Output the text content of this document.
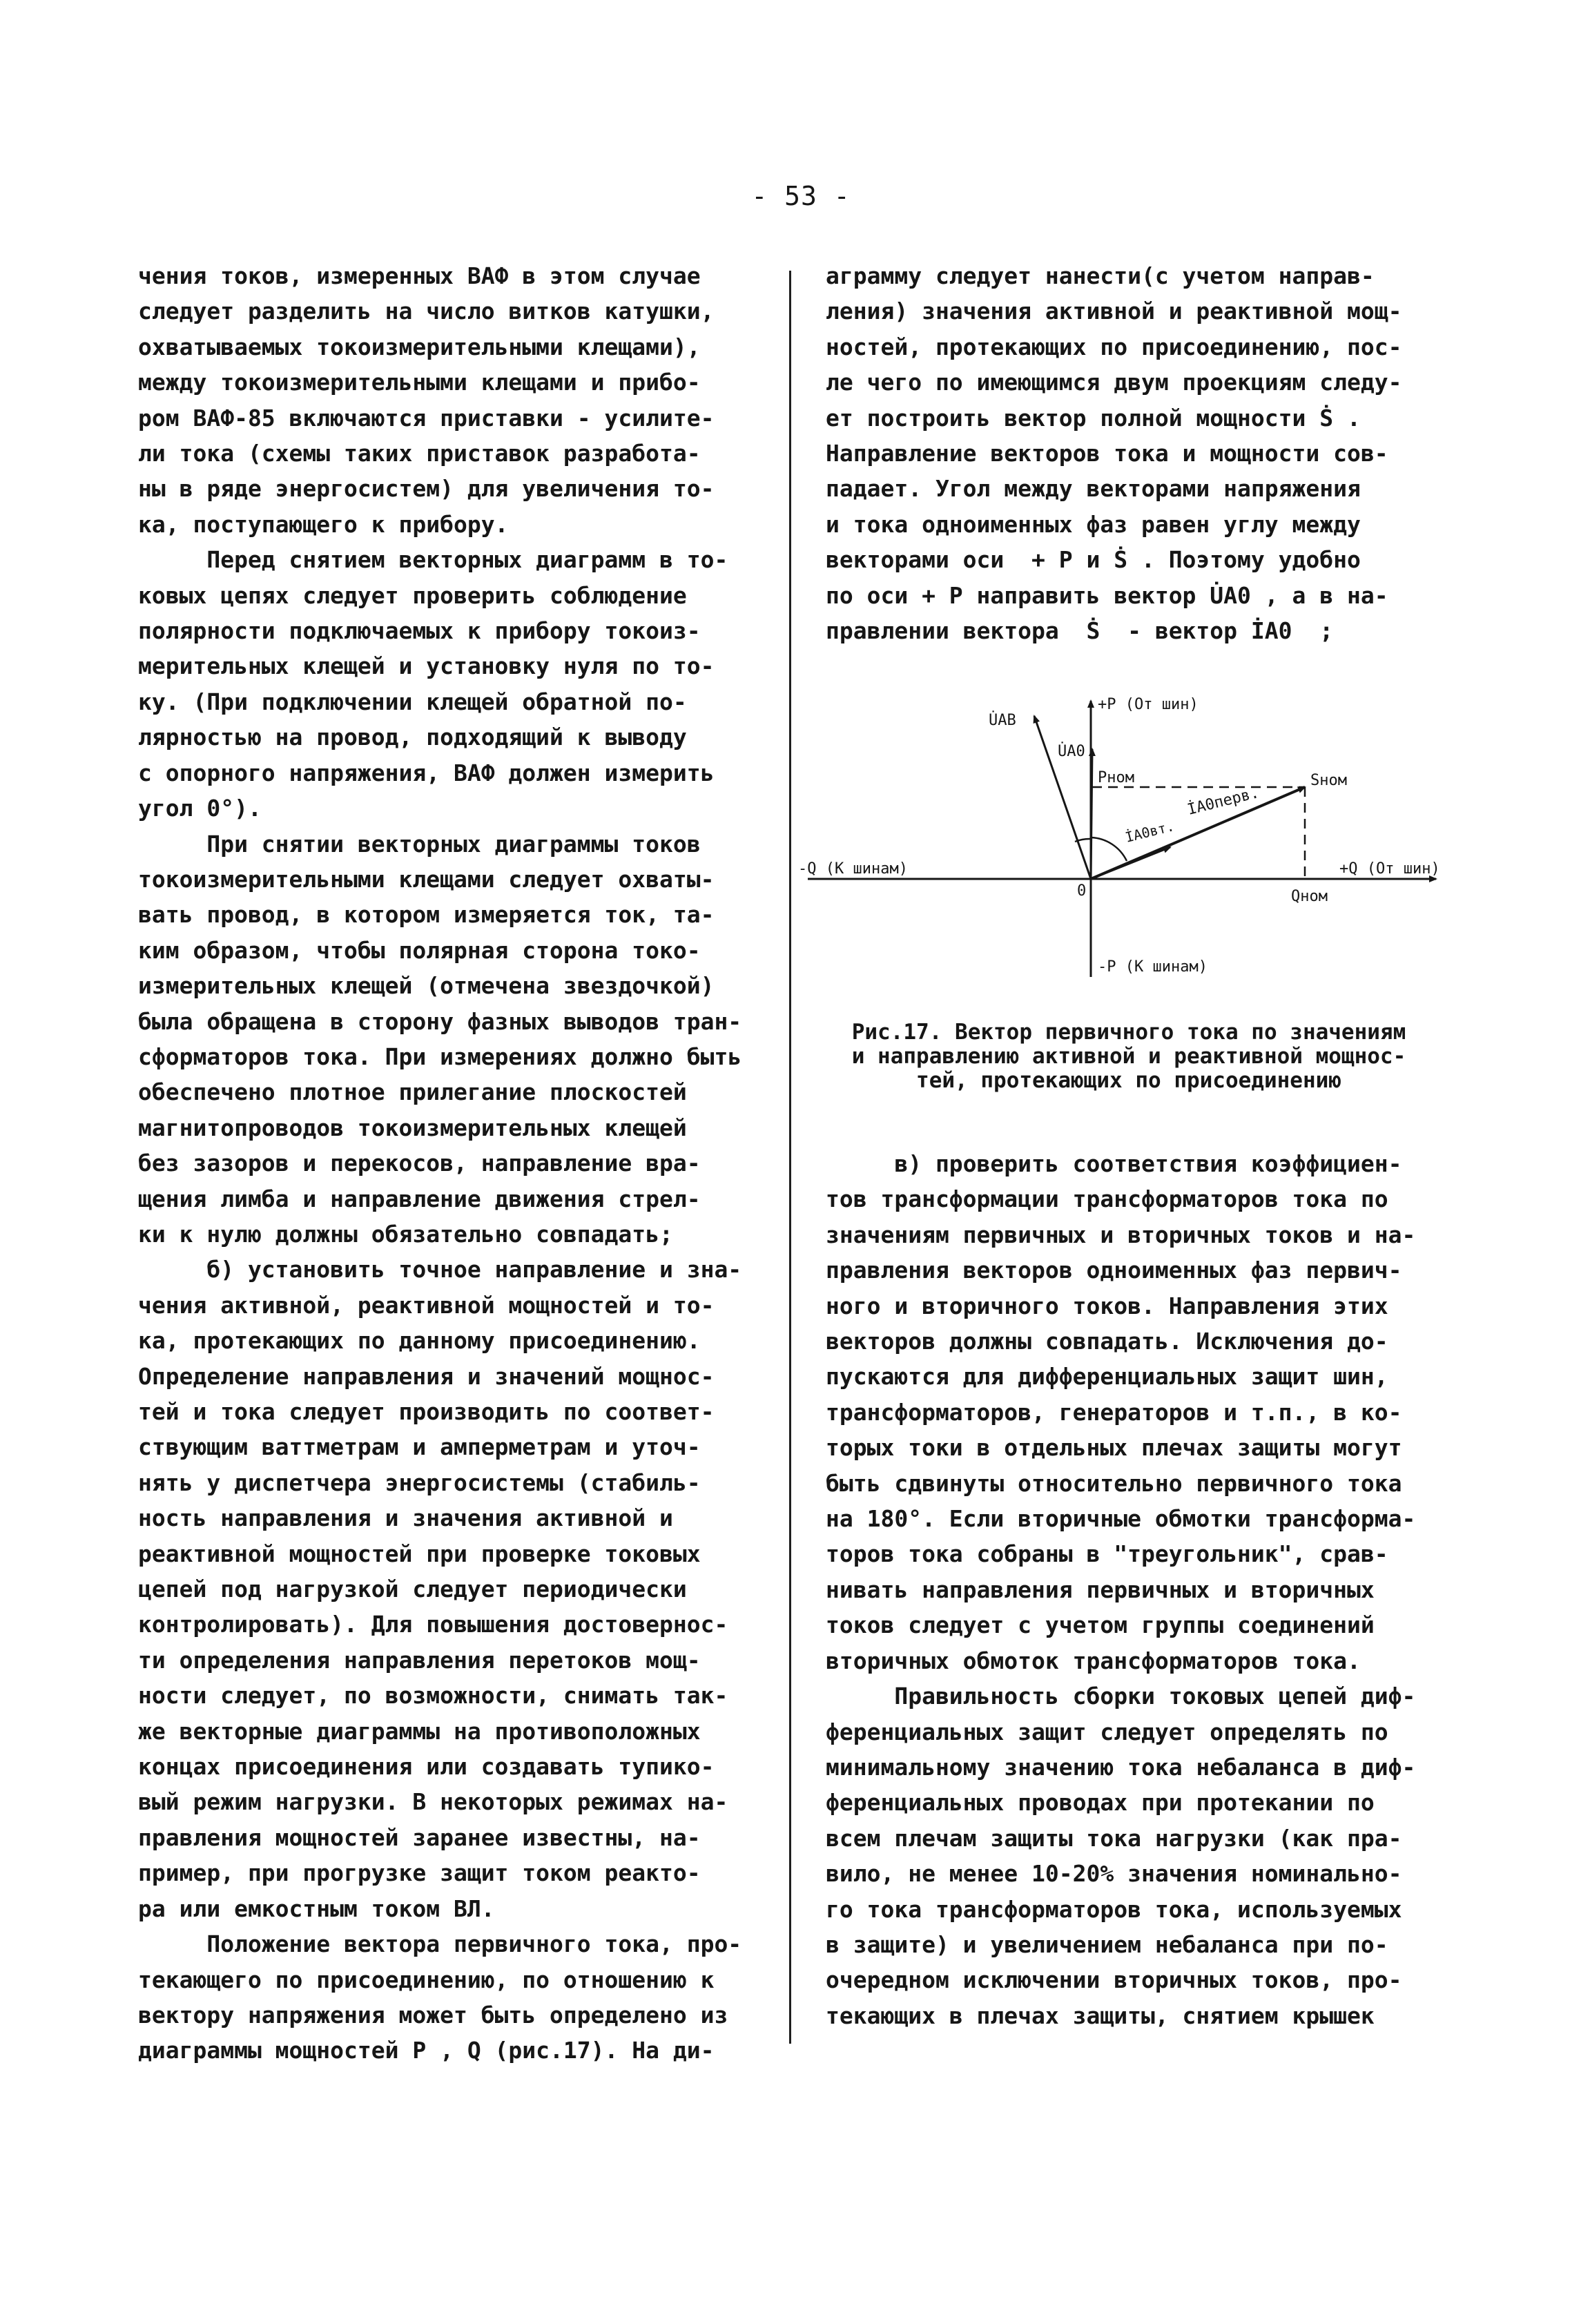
- 53 -

чения токов, измеренных ВАФ в этом случае

следует разделить на число витков катушки,

охватываемых токоизмерительными клещами),

между токоизмерительными клещами и прибо-

ром ВАФ-85 включаются приставки - усилите-

ли тока (схемы таких приставок разработа-

ны в ряде энергосистем) для увеличения то-

ка, поступающего к прибору.

Перед снятием векторных диаграмм в то-

ковых цепях следует проверить соблюдение

полярности подключаемых к прибору токоиз-

мерительных клещей и установку нуля по то-

ку. (При подключении клещей обратной по-

лярностью на провод, подходящий к выводу

с опорного напряжения, ВАФ должен измерить

угол 0°).

При снятии векторных диаграммы токов

токоизмерительными клещами следует охваты-

вать провод, в котором измеряется ток, та-

ким образом, чтобы полярная сторона токо-

измерительных клещей (отмечена звездочкой)

была обращена в сторону фазных выводов тран-

сформаторов тока. При измерениях должно быть

обеспечено плотное прилегание плоскостей

магнитопроводов токоизмерительных клещей

без зазоров и перекосов, направление вра-

щения лимба и направление движения стрел-

ки к нулю должны обязательно совпадать;

б) установить точное направление и зна-

чения активной, реактивной мощностей и то-

ка, протекающих по данному присоединению.

Определение направления и значений мощнос-

тей и тока следует производить по соответ-

ствующим ваттметрам и амперметрам и уточ-

нять у диспетчера энергосистемы (стабиль-

ность направления и значения активной и

реактивной мощностей при проверке токовых

цепей под нагрузкой следует периодически

контролировать). Для повышения достовернос-

ти определения направления перетоков мощ-

ности следует, по возможности, снимать так-

же векторные диаграммы на противоположных

концах присоединения или создавать тупико-

вый режим нагрузки. В некоторых режимах на-

правления мощностей заранее известны, на-

пример, при прогрузке защит током реакто-

ра или емкостным током ВЛ.

Положение вектора первичного тока, про-

текающего по присоединению, по отношению к

вектору напряжения может быть определено из

диаграммы мощностей P , Q (рис.17). На ди-

аграмму следует нанести(с учетом направ-

ления) значения активной и реактивной мощ-

ностей, протекающих по присоединению, пос-

ле чего по имеющимся двум проекциям следу-

ет построить вектор полной мощности Ṡ .

Направление векторов тока и мощности сов-

падает. Угол между векторами напряжения

и тока одноименных фаз равен углу между

векторами оси  + P и Ṡ . Поэтому удобно

по оси + P направить вектор U̇A0 , а в на-

правлении вектора  Ṡ  - вектор İA0  ;

U̇AB
U̇A0
+P (От шин)
Pном	Sном
İA0перв.
İA0вт.
-Q (К шинам)
0
+Q (От шин)
Qном
-P (К шинам)

Рис.17. Вектор первичного тока по значениям

и направлению активной и реактивной мощнос-

тей, протекающих по присоединению

в) проверить соответствия коэффициен-

тов трансформации трансформаторов тока по

значениям первичных и вторичных токов и на-

правления векторов одноименных фаз первич-

ного и вторичного токов. Направления этих

векторов должны совпадать. Исключения до-

пускаются для дифференциальных защит шин,

трансформаторов, генераторов и т.п., в ко-

торых токи в отдельных плечах защиты могут

быть сдвинуты относительно первичного тока

на 180°. Если вторичные обмотки трансформа-

торов тока собраны в "треугольник", срав-

нивать направления первичных и вторичных

токов следует с учетом группы соединений

вторичных обмоток трансформаторов тока.

Правильность сборки токовых цепей диф-

ференциальных защит следует определять по

минимальному значению тока небаланса в диф-

ференциальных проводах при протекании по

всем плечам защиты тока нагрузки (как пра-

вило, не менее 10-20% значения номинально-

го тока трансформаторов тока, используемых

в защите) и увеличением небаланса при по-

очередном исключении вторичных токов, про-

текающих в плечах защиты, снятием крышек
